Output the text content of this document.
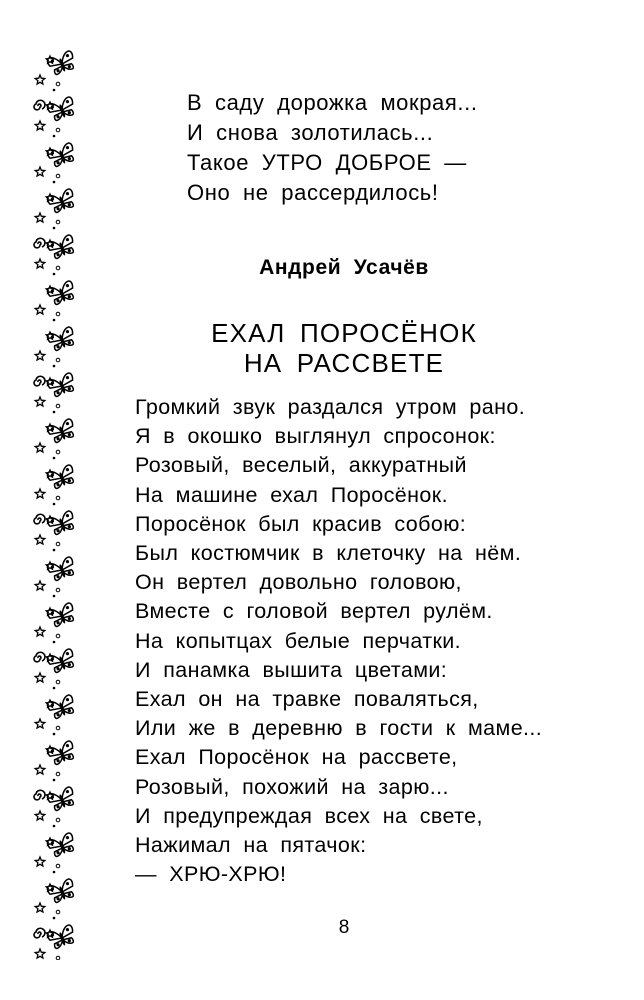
В саду дорожка мокрая...
И снова золотилась...
Такое УТРО ДОБРОЕ —
Оно не рассердилось!
Андрей Усачёв
ЕХАЛ ПОРОСЁНОК
НА РАССВЕТЕ
Громкий звук раздался утром рано.
Я в окошко выглянул спросонок:
Розовый, веселый, аккуратный
На машине ехал Поросёнок.
Поросёнок был красив собою:
Был костюмчик в клеточку на нём.
Он вертел довольно головою,
Вместе с головой вертел рулём.
На копытцах белые перчатки.
И панамка вышита цветами:
Ехал он на травке поваляться,
Или же в деревню в гости к маме...
Ехал Поросёнок на рассвете,
Розовый, похожий на зарю...
И предупреждая всех на свете,
Нажимал на пятачок:
— ХРЮ-ХРЮ!
8
